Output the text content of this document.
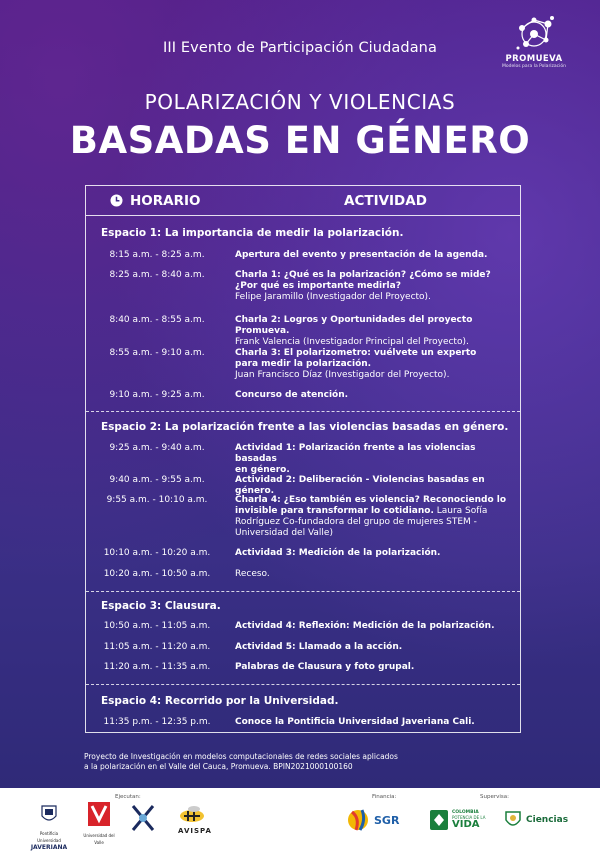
III Evento de Participación Ciudadana
PROMUEVA
Modelos para la Polarización
POLARIZACIÓN Y VIOLENCIAS
BASADAS EN GÉNERO
HORARIO	ACTIVIDAD
Espacio 1: La importancia de medir la polarización.
8:15 a.m. - 8:25 a.m.	Apertura del evento y presentación de la agenda.
8:25 a.m. - 8:40 a.m.	Charla 1: ¿Qué es la polarización? ¿Cómo se mide?
¿Por qué es importante medirla?
Felipe Jaramillo (Investigador del Proyecto).
8:40 a.m. - 8:55 a.m.	Charla 2: Logros y Oportunidades del proyecto Promueva.
Frank Valencia (Investigador Principal del Proyecto).
8:55 a.m. - 9:10 a.m.	Charla 3: El polarizometro: vuélvete un experto
para medir la polarización.
Juan Francisco Díaz (Investigador del Proyecto).
9:10 a.m. - 9:25 a.m.	Concurso de atención.
Espacio 2: La polarización frente a las violencias basadas en género.
9:25 a.m. - 9:40 a.m.	Actividad 1: Polarización frente a las violencias basadas
en género.
9:40 a.m. - 9:55 a.m.	Actividad 2: Deliberación - Violencias basadas en género.
9:55 a.m. - 10:10 a.m.	Charla 4: ¿Eso también es violencia? Reconociendo lo
invisible para transformar lo cotidiano. Laura Sofía
Rodríguez Co-fundadora del grupo de mujeres STEM -
Universidad del Valle)
10:10 a.m. - 10:20 a.m.	Actividad 3: Medición de la polarización.
10:20 a.m. - 10:50 a.m.	Receso.
Espacio 3: Clausura.
10:50 a.m. - 11:05 a.m.	Actividad 4: Reflexión: Medición de la polarización.
11:05 a.m. - 11:20 a.m.	Actividad 5: Llamado a la acción.
11:20 a.m. - 11:35 a.m.	Palabras de Clausura y foto grupal.
Espacio 4: Recorrido por la Universidad.
11:35 p.m. - 12:35 p.m.	Conoce la Pontificia Universidad Javeriana Cali.
Proyecto de Investigación en modelos computacionales de redes sociales aplicados
a la polarización en el Valle del Cauca, Promueva. BPIN2021000100160
Ejecutan:	Financia:	Supervisa:
Pontificia Universidad
JAVERIANA
Universidad del Valle
AVISPA
SGR
COLOMBIA
POTENCIA DE LA
VIDA	Ciencias
